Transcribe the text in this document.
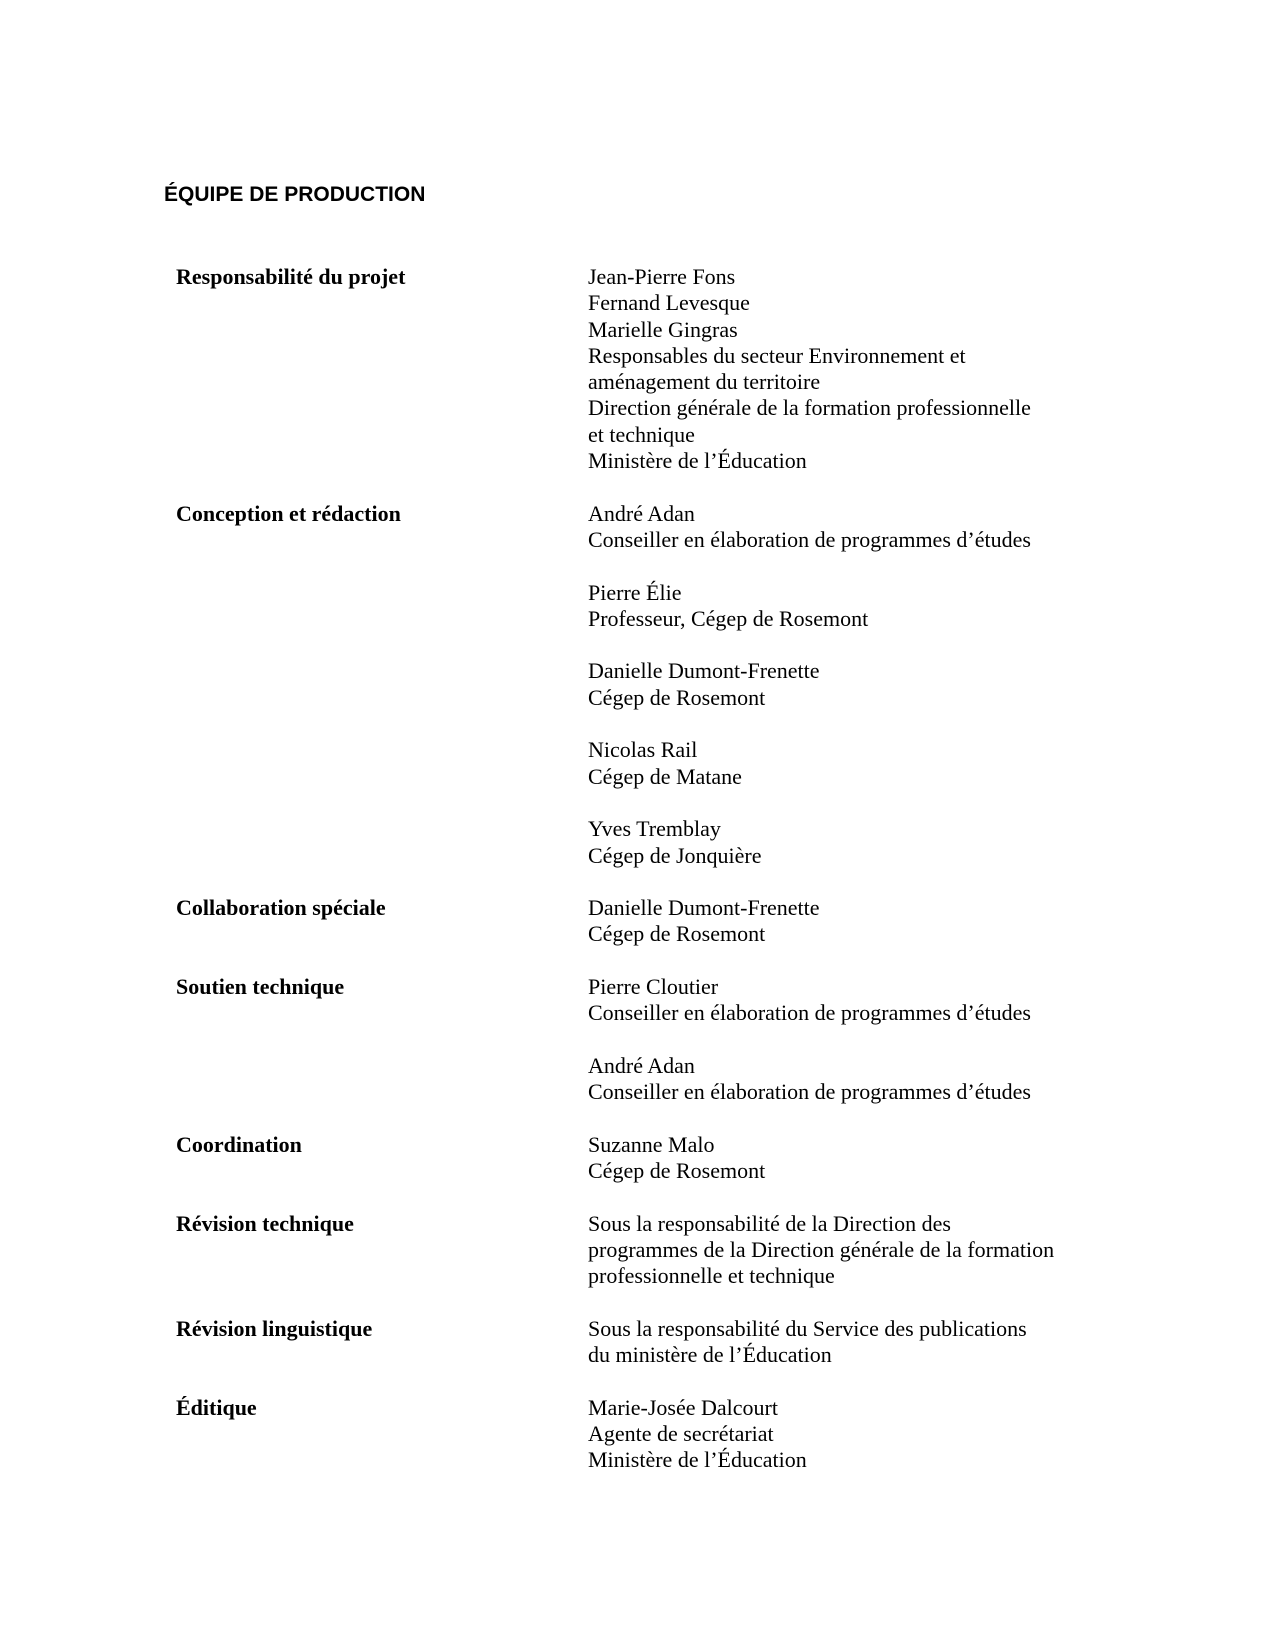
ÉQUIPE DE PRODUCTION
Responsabilité du projet	Jean-Pierre Fons
Fernand Levesque
Marielle Gingras
Responsables du secteur Environnement et
aménagement du territoire
Direction générale de la formation professionnelle
et technique
Ministère de l’Éducation
Conception et rédaction	André Adan
Conseiller en élaboration de programmes d’études
Pierre Élie
Professeur, Cégep de Rosemont
Danielle Dumont-Frenette
Cégep de Rosemont
Nicolas Rail
Cégep de Matane
Yves Tremblay
Cégep de Jonquière
Collaboration spéciale	Danielle Dumont-Frenette
Cégep de Rosemont
Soutien technique	Pierre Cloutier
Conseiller en élaboration de programmes d’études
André Adan
Conseiller en élaboration de programmes d’études
Coordination	Suzanne Malo
Cégep de Rosemont
Révision technique	Sous la responsabilité de la Direction des
programmes de la Direction générale de la formation
professionnelle et technique
Révision linguistique	Sous la responsabilité du Service des publications
du ministère de l’Éducation
Éditique	Marie-Josée Dalcourt
Agente de secrétariat
Ministère de l’Éducation
